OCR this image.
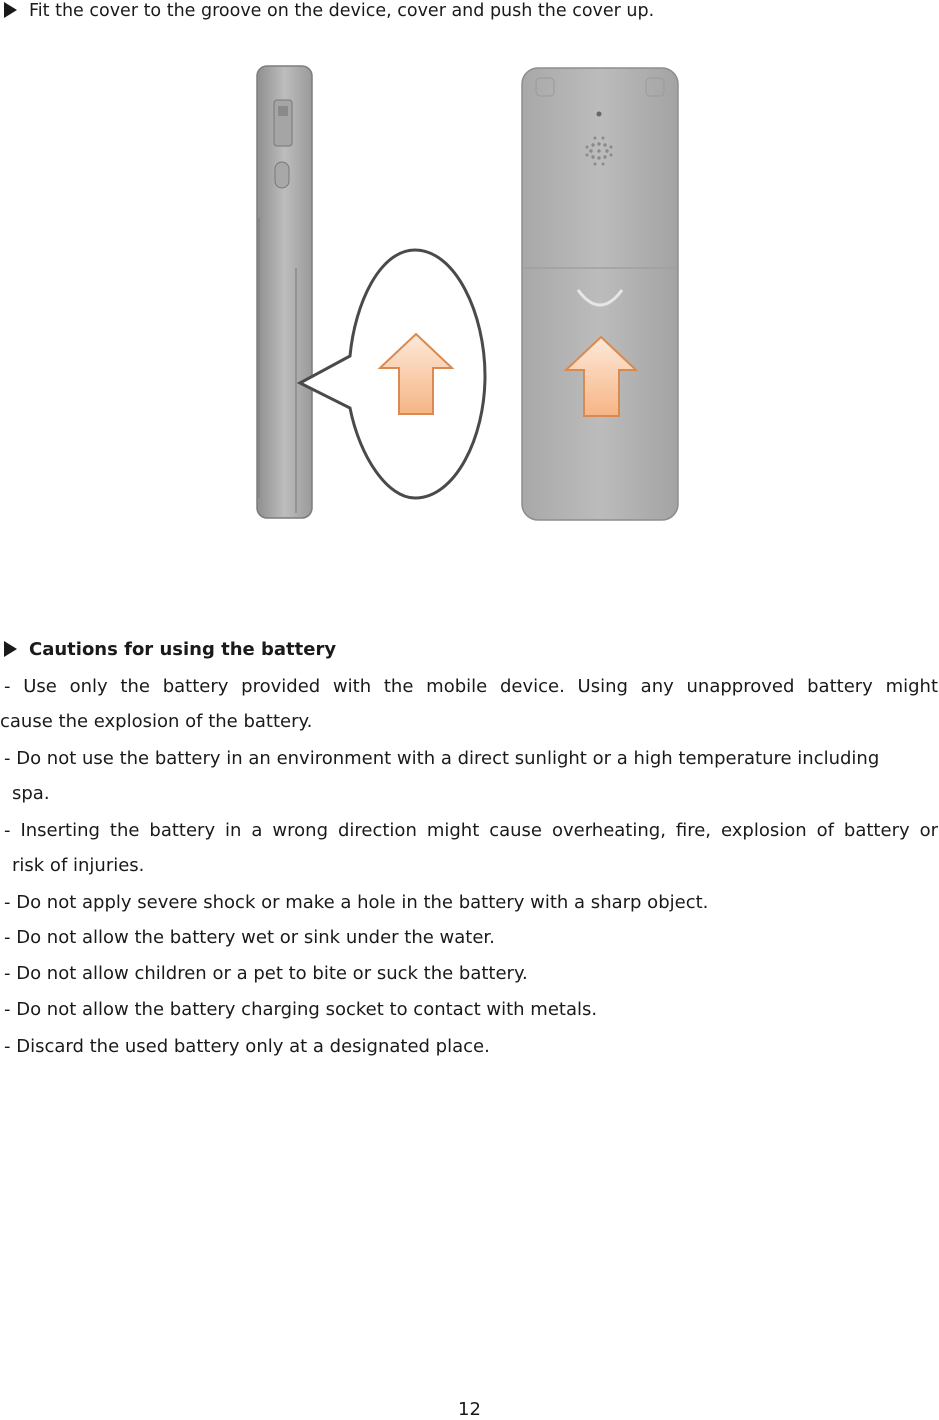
Fit the cover to the groove on the device, cover and push the cover up.
Cautions for using the battery
- Use only the battery provided with the mobile device. Using any unapproved battery might
cause the explosion of the battery.
- Do not use the battery in an environment with a direct sunlight or a high temperature including
spa.
- Inserting the battery in a wrong direction might cause overheating, fire, explosion of battery or
risk of injuries.
- Do not apply severe shock or make a hole in the battery with a sharp object.
- Do not allow the battery wet or sink under the water.
- Do not allow children or a pet to bite or suck the battery.
- Do not allow the battery charging socket to contact with metals.
- Discard the used battery only at a designated place.
12
